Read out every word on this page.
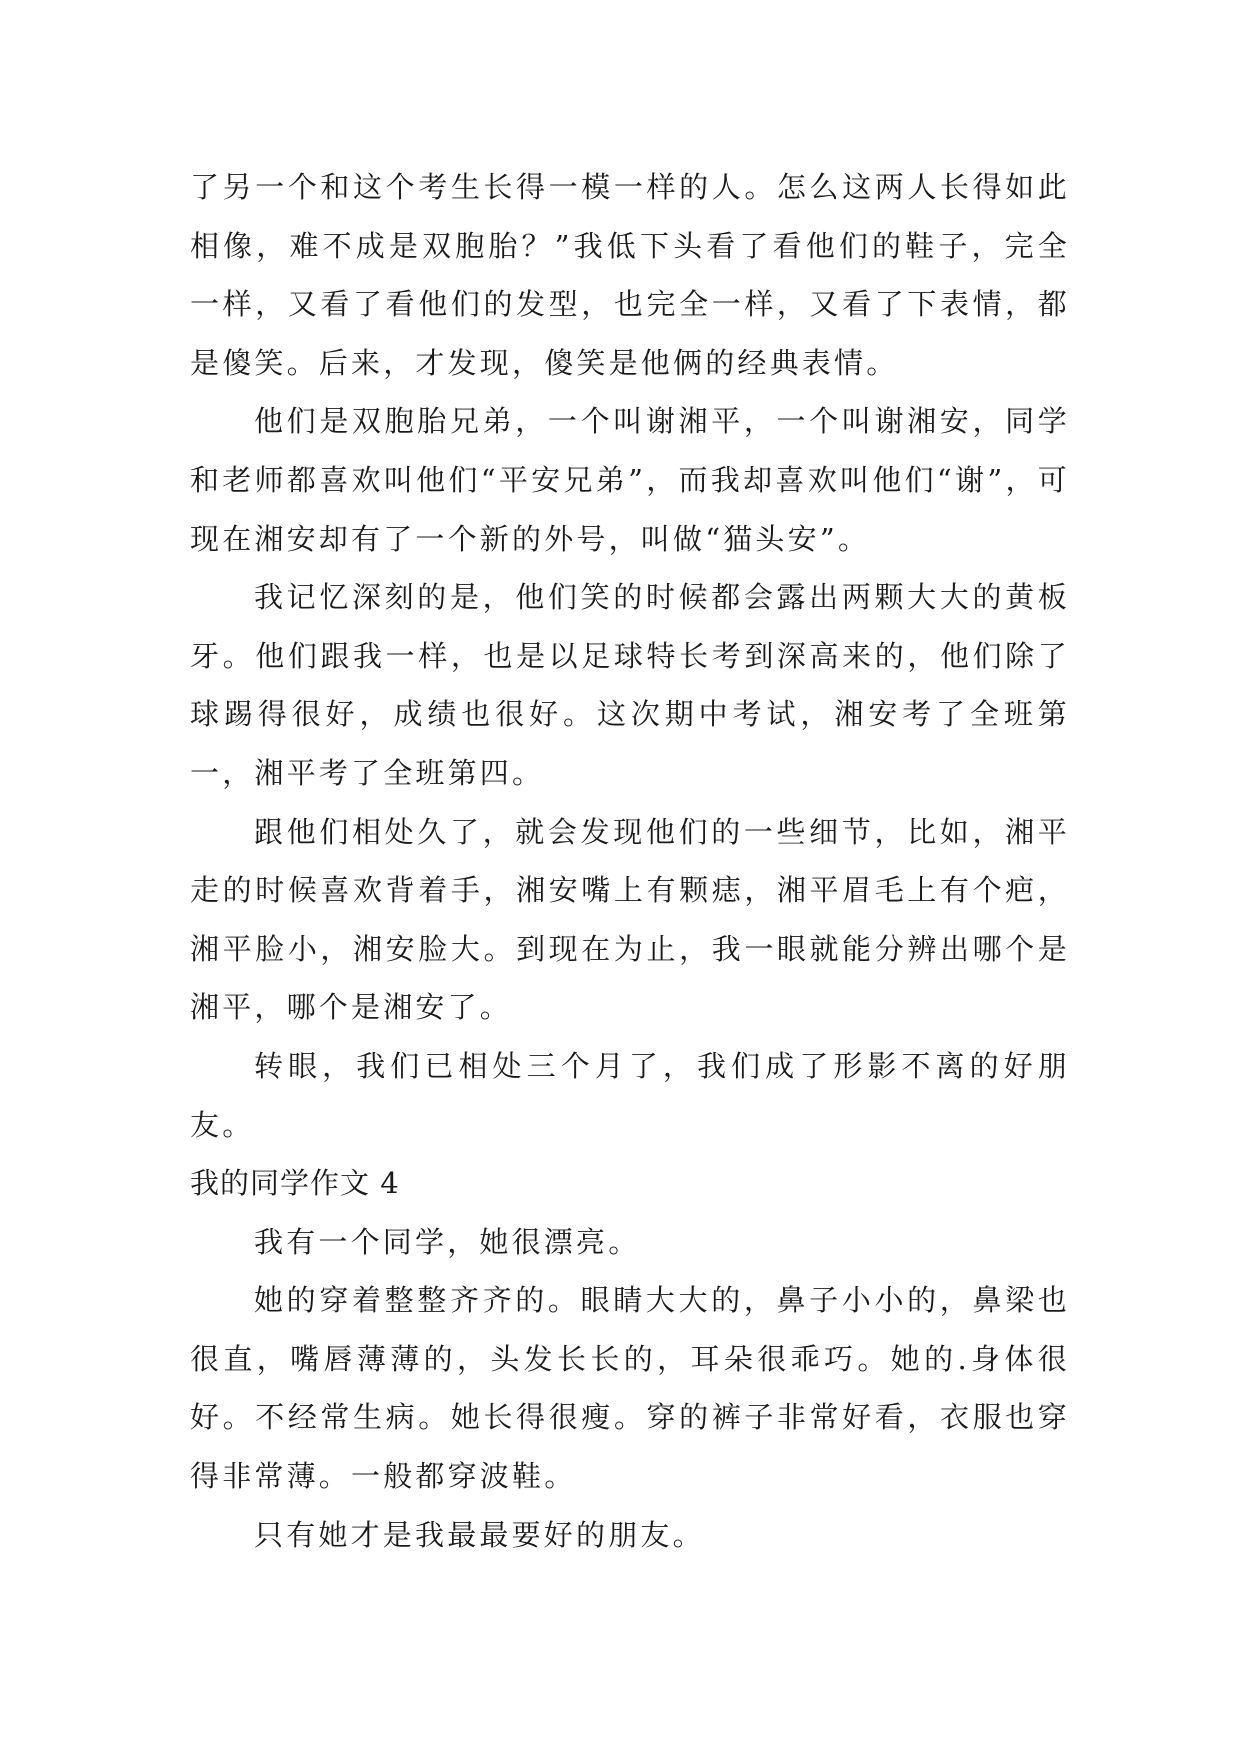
了另一个和这个考生长得一模一样的人。怎么这两人长得如此相像，难不成是双胞胎？”我低下头看了看他们的鞋子，完全一样，又看了看他们的发型，也完全一样，又看了下表情，都是傻笑。后来，才发现，傻笑是他俩的经典表情。

他们是双胞胎兄弟，一个叫谢湘平，一个叫谢湘安，同学和老师都喜欢叫他们“平安兄弟”，而我却喜欢叫他们“谢”，可现在湘安却有了一个新的外号，叫做“猫头安”。

我记忆深刻的是，他们笑的时候都会露出两颗大大的黄板牙。他们跟我一样，也是以足球特长考到深高来的，他们除了球踢得很好，成绩也很好。这次期中考试，湘安考了全班第一，湘平考了全班第四。

跟他们相处久了，就会发现他们的一些细节，比如，湘平走的时候喜欢背着手，湘安嘴上有颗痣，湘平眉毛上有个疤，湘平脸小，湘安脸大。到现在为止，我一眼就能分辨出哪个是湘平，哪个是湘安了。

转眼，我们已相处三个月了，我们成了形影不离的好朋友。

我的同学作文 4

我有一个同学，她很漂亮。

她的穿着整整齐齐的。眼睛大大的，鼻子小小的，鼻梁也很直，嘴唇薄薄的，头发长长的，耳朵很乖巧。她的.身体很好。不经常生病。她长得很瘦。穿的裤子非常好看，衣服也穿得非常薄。一般都穿波鞋。

只有她才是我最最要好的朋友。
